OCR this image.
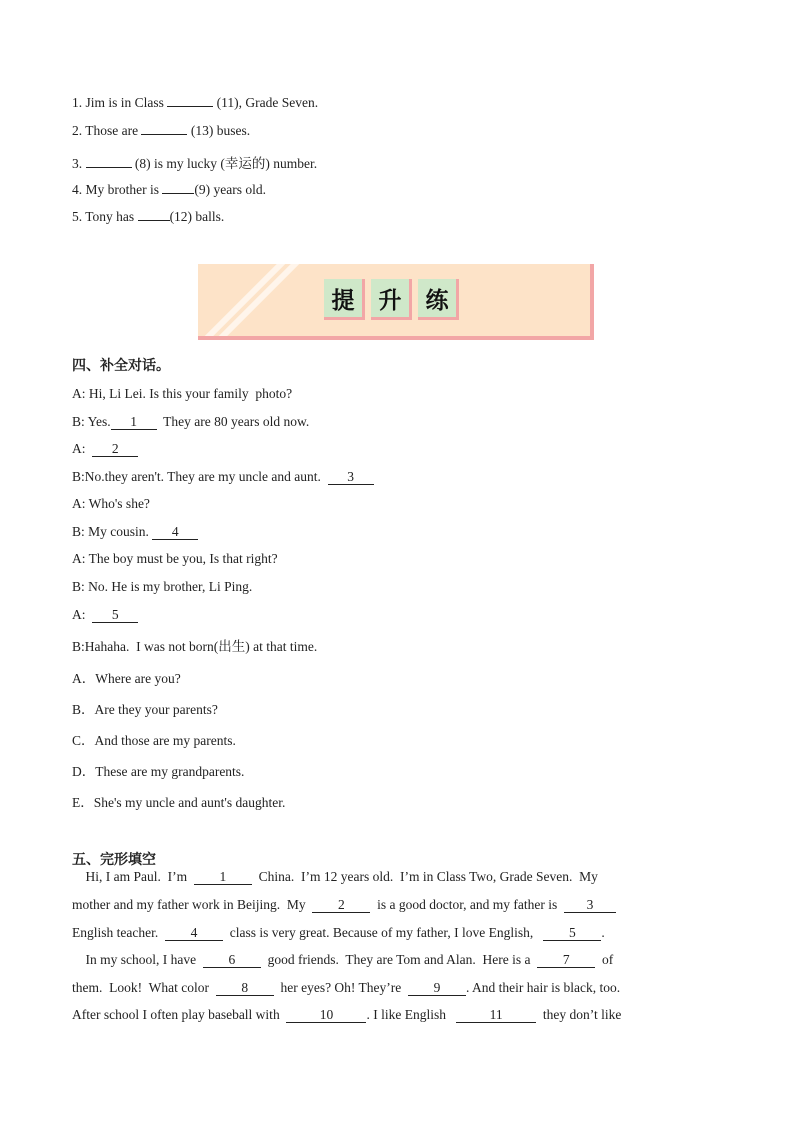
1. Jim is in Class	(11), Grade Seven.
2. Those are	(13) buses.
3.	(8) is my lucky (幸运的) number.
4. My brother is (9) years old.
5. Tony has (12) balls.
提	升	练
四、补全对话。
A: Hi, Li Lei. Is this your family  photo?
B: Yes. 1  They are 80 years old now.
A:  2
B:No.they aren't. They are my uncle and aunt.  3
A: Who's she?
B: My cousin. 4
A: The boy must be you, Is that right?
B: No. He is my brother, Li Ping.
A:  5
B:Hahaha.  I was not born(出生) at that time.
A．Where are you?
B．Are they your parents?
C．And those are my parents.
D．These are my grandparents.
E．She's my uncle and aunt's daughter.
五、完形填空
Hi, I am Paul.  I’m  1  China.  I’m 12 years old.  I’m in Class Two, Grade Seven.  My
mother and my father work in Beijing.  My  2  is a good doctor, and my father is  3
English teacher.  4  class is very great. Because of my father, I love English,   5 .
In my school, I have  6  good friends.  They are Tom and Alan.  Here is a  7  of
them.  Look!  What color  8  her eyes? Oh! They’re  9 . And their hair is black, too.
After school I often play baseball with  10 . I like English   11  they don’t like
